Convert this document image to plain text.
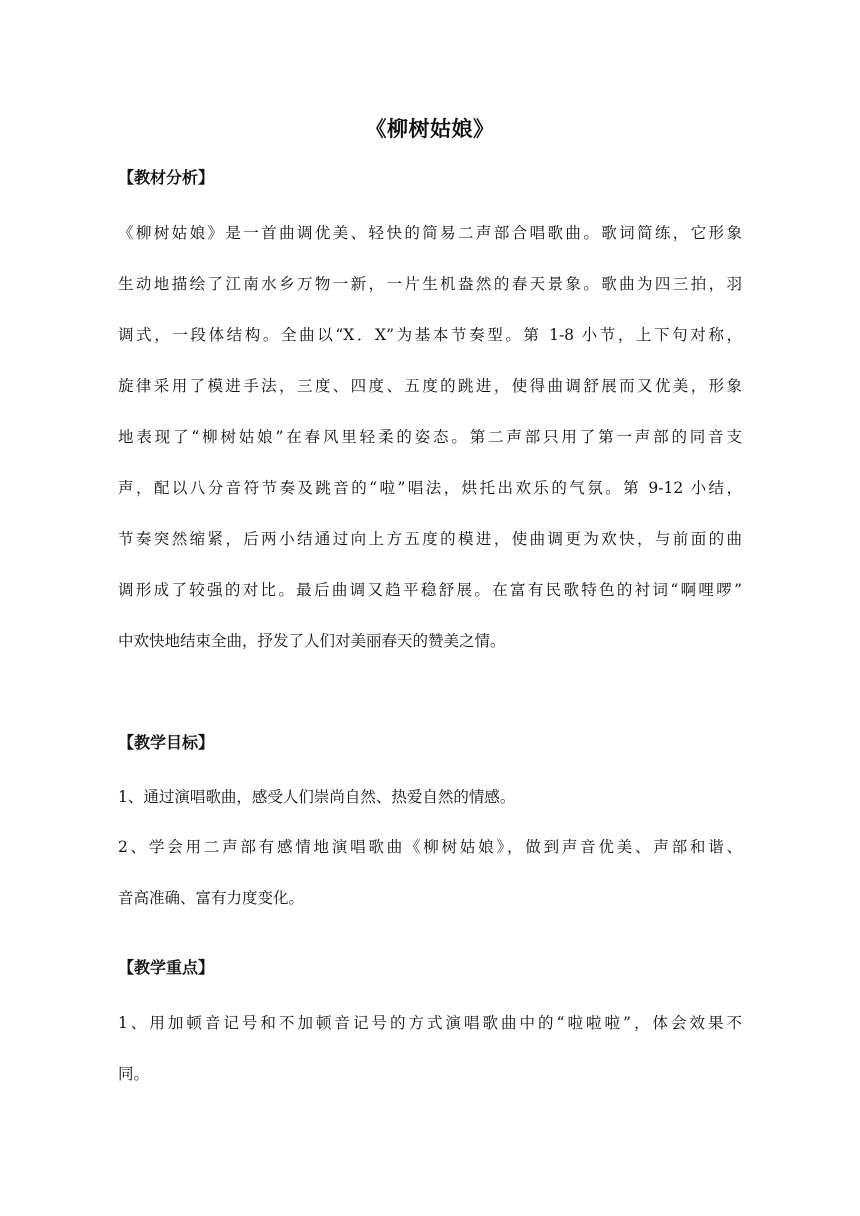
《柳树姑娘》
【教材分析】
《柳树姑娘》是一首曲调优美、轻快的简易二声部合唱歌曲。歌词简练，它形象
生动地描绘了江南水乡万物一新，一片生机盎然的春天景象。歌曲为四三拍，羽
调式，一段体结构。全曲以“X．X”为基本节奏型。第 1-8 小节，上下句对称，
旋律采用了模进手法，三度、四度、五度的跳进，使得曲调舒展而又优美，形象
地表现了“柳树姑娘”在春风里轻柔的姿态。第二声部只用了第一声部的同音支
声，配以八分音符节奏及跳音的“啦”唱法，烘托出欢乐的气氛。第 9-12 小结，
节奏突然缩紧，后两小结通过向上方五度的模进，使曲调更为欢快，与前面的曲
调形成了较强的对比。最后曲调又趋平稳舒展。在富有民歌特色的衬词“啊哩啰”
中欢快地结束全曲，抒发了人们对美丽春天的赞美之情。
【教学目标】
1、通过演唱歌曲，感受人们崇尚自然、热爱自然的情感。
2、学会用二声部有感情地演唱歌曲《柳树姑娘》，做到声音优美、声部和谐、
音高准确、富有力度变化。
【教学重点】
1、用加顿音记号和不加顿音记号的方式演唱歌曲中的“啦啦啦”，体会效果不
同。
